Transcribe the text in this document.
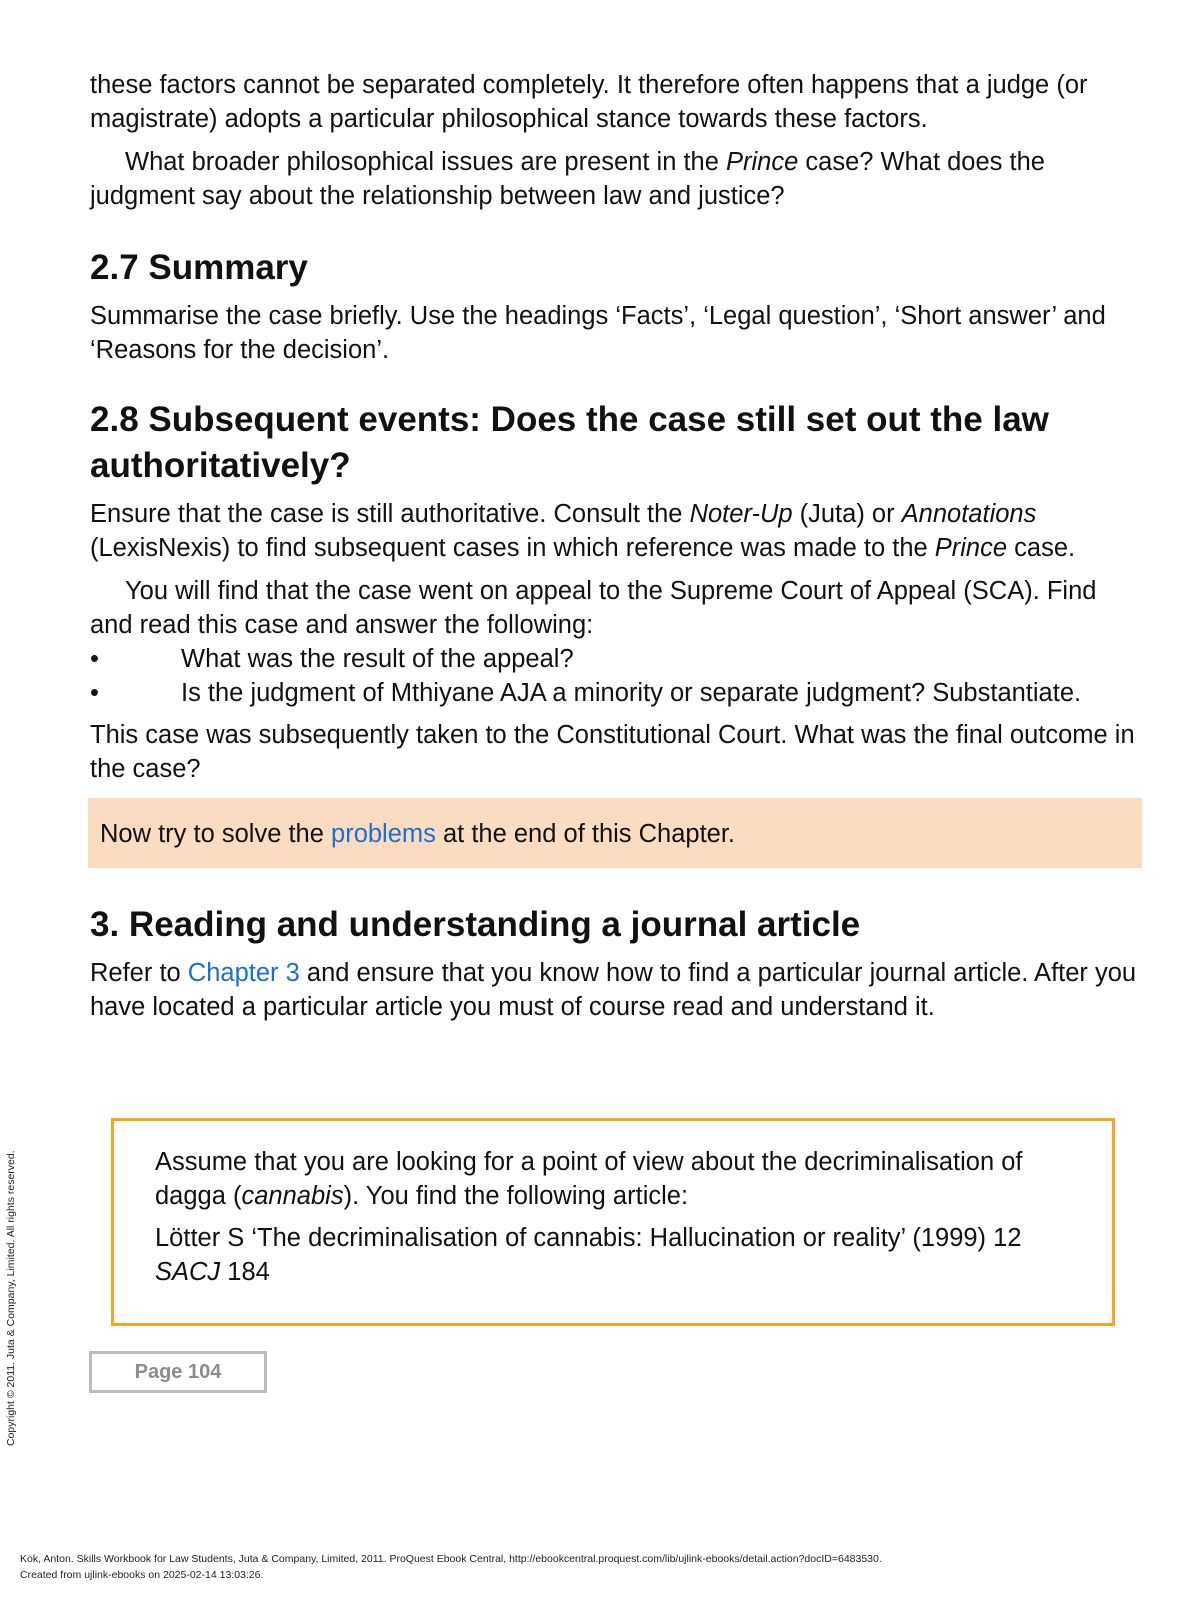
these factors cannot be separated completely. It therefore often happens that a judge (or magistrate) adopts a particular philosophical stance towards these factors.

What broader philosophical issues are present in the Prince case? What does the judgment say about the relationship between law and justice?

2.7 Summary

Summarise the case briefly. Use the headings ‘Facts’, ‘Legal question’, ‘Short answer’ and ‘Reasons for the decision’.

2.8 Subsequent events: Does the case still set out the law authoritatively?

Ensure that the case is still authoritative. Consult the Noter-Up (Juta) or Annotations (LexisNexis) to find subsequent cases in which reference was made to the Prince case.

You will find that the case went on appeal to the Supreme Court of Appeal (SCA). Find and read this case and answer the following:

•	What was the result of the appeal?
•	Is the judgment of Mthiyane AJA a minority or separate judgment? Substantiate.

This case was subsequently taken to the Constitutional Court. What was the final outcome in the case?

Now try to solve the problems at the end of this Chapter.

3. Reading and understanding a journal article

Refer to Chapter 3 and ensure that you know how to find a particular journal article. After you have located a particular article you must of course read and understand it.

Assume that you are looking for a point of view about the decriminalisation of dagga (cannabis). You find the following article:

Lötter S ‘The decriminalisation of cannabis: Hallucination or reality’ (1999) 12 SACJ 184

Page 104
Copyright © 2011. Juta & Company, Limited. All rights reserved.
Kok, Anton. Skills Workbook for Law Students, Juta & Company, Limited, 2011. ProQuest Ebook Central, http://ebookcentral.proquest.com/lib/ujlink-ebooks/detail.action?docID=6483530.
Created from ujlink-ebooks on 2025-02-14 13:03:26.
